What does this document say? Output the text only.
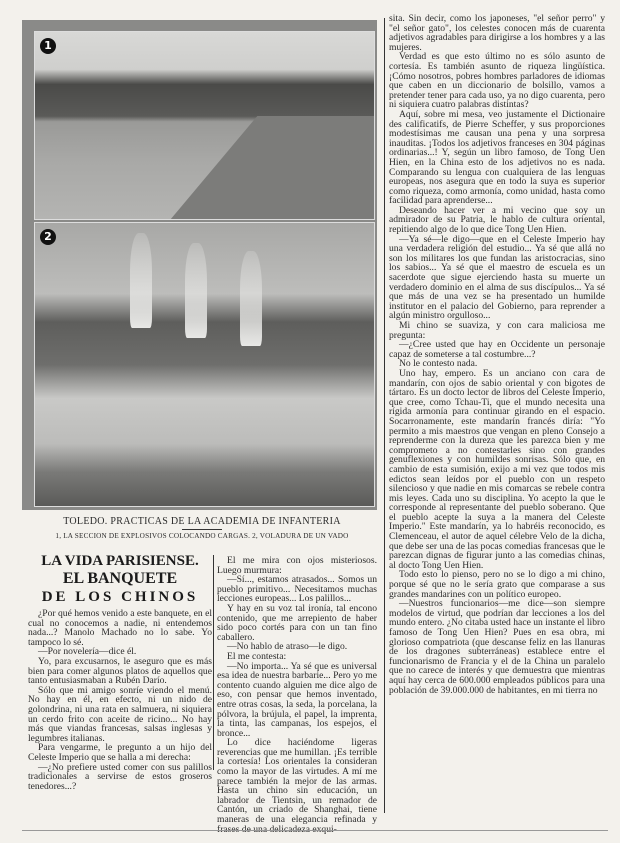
1
2
TOLEDO. PRACTICAS DE LA ACADEMIA DE INFANTERIA
1, LA SECCION DE EXPLOSIVOS COLOCANDO CARGAS. 2, VOLADURA DE UN VADO
LA VIDA PARISIENSE.
EL BANQUETE
DE LOS CHINOS

¿Por qué hemos venido a este banquete, en el cual no conocemos a nadie, ni entendemos nada...? Manolo Machado no lo sabe. Yo tampoco lo sé.

—Por novelería—dice él.

Yo, para excusarnos, le aseguro que es más bien para comer algunos platos de aquellos que tanto entusiasmaban a Rubén Darío.

Sólo que mi amigo sonríe viendo el menú. No hay en él, en efecto, ni un nido de golondrina, ni una rata en salmuera, ni siquiera un cerdo frito con aceite de ricino... No hay más que viandas francesas, salsas inglesas y legumbres italianas.

Para vengarme, le pregunto a un hijo del Celeste Imperio que se halla a mi derecha:

—¿No prefiere usted comer con sus palillos tradicionales a servirse de estos groseros tenedores...?

El me mira con ojos misteriosos. Luego murmura:

—Sí..., estamos atrasados... Somos un pueblo primitivo... Necesitamos muchas lecciones europeas... Los palillos...

Y hay en su voz tal ironía, tal encono contenido, que me arrepiento de haber sido poco cortés para con un tan fino caballero.

—No hablo de atraso—le digo.

El me contesta:

—No importa... Ya sé que es universal esa idea de nuestra barbarie... Pero yo me contento cuando alguien me dice algo de eso, con pensar que hemos inventado, entre otras cosas, la seda, la porcelana, la pólvora, la brújula, el papel, la imprenta, la tinta, las campanas, los espejos, el bronce...

Lo dice haciéndome ligeras reverencias que me humillan. ¡Es terrible la cortesía! Los orientales la consideran como la mayor de las virtudes. A mí me parece también la mejor de las armas. Hasta un chino sin educación, un labrador de Tientsin, un remador de Cantón, un criado de Shanghai, tiene maneras de una elegancia refinada y frases de una delicadeza exqui-

sita. Sin decir, como los japoneses, "el señor perro" y "el señor gato", los celestes conocen más de cuarenta adjetivos agradables para dirigirse a los hombres y a las mujeres.

Verdad es que esto último no es sólo asunto de cortesía. Es también asunto de riqueza lingüística. ¡Cómo nosotros, pobres hombres parladores de idiomas que caben en un diccionario de bolsillo, vamos a pretender tener para cada uso, ya no digo cuarenta, pero ni siquiera cuatro palabras distintas?

Aquí, sobre mi mesa, veo justamente el Dictionaire des calificatifs, de Pierre Scheffer, y sus proporciones modestísimas me causan una pena y una sorpresa inauditas. ¡Todos los adjetivos franceses en 304 páginas ordinarias...! Y, según un libro famoso, de Tong Uen Hien, en la China esto de los adjetivos no es nada. Comparando su lengua con cualquiera de las lenguas europeas, nos asegura que en todo la suya es superior como riqueza, como armonía, como unidad, hasta como facilidad para aprenderse...

Deseando hacer ver a mi vecino que soy un admirador de su Patria, le hablo de cultura oriental, repitiendo algo de lo que dice Tong Uen Hien.

—Ya sé—le digo—que en el Celeste Imperio hay una verdadera religión del estudio... Ya sé que allá no son los militares los que fundan las aristocracias, sino los sabios... Ya sé que el maestro de escuela es un sacerdote que sigue ejerciendo hasta su muerte un verdadero dominio en el alma de sus discípulos... Ya sé que más de una vez se ha presentado un humilde institutor en el palacio del Gobierno, para reprender a algún ministro orgulloso...

Mi chino se suaviza, y con cara maliciosa me pregunta:

—¿Cree usted que hay en Occidente un personaje capaz de someterse a tal costumbre...?

No le contesto nada.

Uno hay, empero. Es un anciano con cara de mandarín, con ojos de sabio oriental y con bigotes de tártaro. Es un docto lector de libros del Celeste Imperio, que cree, como Tchau-Ti, que el mundo necesita una rígida armonía para continuar girando en el espacio. Socarronamente, este mandarín francés diría: "Yo permito a mis maestros que vengan en pleno Consejo a reprenderme con la dureza que les parezca bien y me comprometo a no contestarles sino con grandes genuflexiones y con humildes sonrisas. Sólo que, en cambio de esta sumisión, exijo a mi vez que todos mis edictos sean leídos por el pueblo con un respeto silencioso y que nadie en mis comarcas se rebele contra mis leyes. Cada uno su disciplina. Yo acepto la que le corresponde al representante del pueblo soberano. Que el pueblo acepte la suya a la manera del Celeste Imperio." Este mandarín, ya lo habréis reconocido, es Clemenceau, el autor de aquel célebre Velo de la dicha, que debe ser una de las pocas comedias francesas que le parezcan dignas de figurar junto a las comedias chinas, al docto Tong Uen Hien.

Todo esto lo pienso, pero no se lo digo a mi chino, porque sé que no le sería grato que comparase a sus grandes mandarines con un político europeo.

—Nuestros funcionarios—me dice—son siempre modelos de virtud, que podrían dar lecciones a los del mundo entero. ¿No citaba usted hace un instante el libro famoso de Tong Uen Hien? Pues en esa obra, mi glorioso compatriota (que descanse feliz en las llanuras de los dragones subterráneas) establece entre el funcionarismo de Francia y el de la China un paralelo que no carece de interés y que demuestra que mientras aquí hay cerca de 600.000 empleados públicos para una población de 39.000.000 de habitantes, en mi tierra no
